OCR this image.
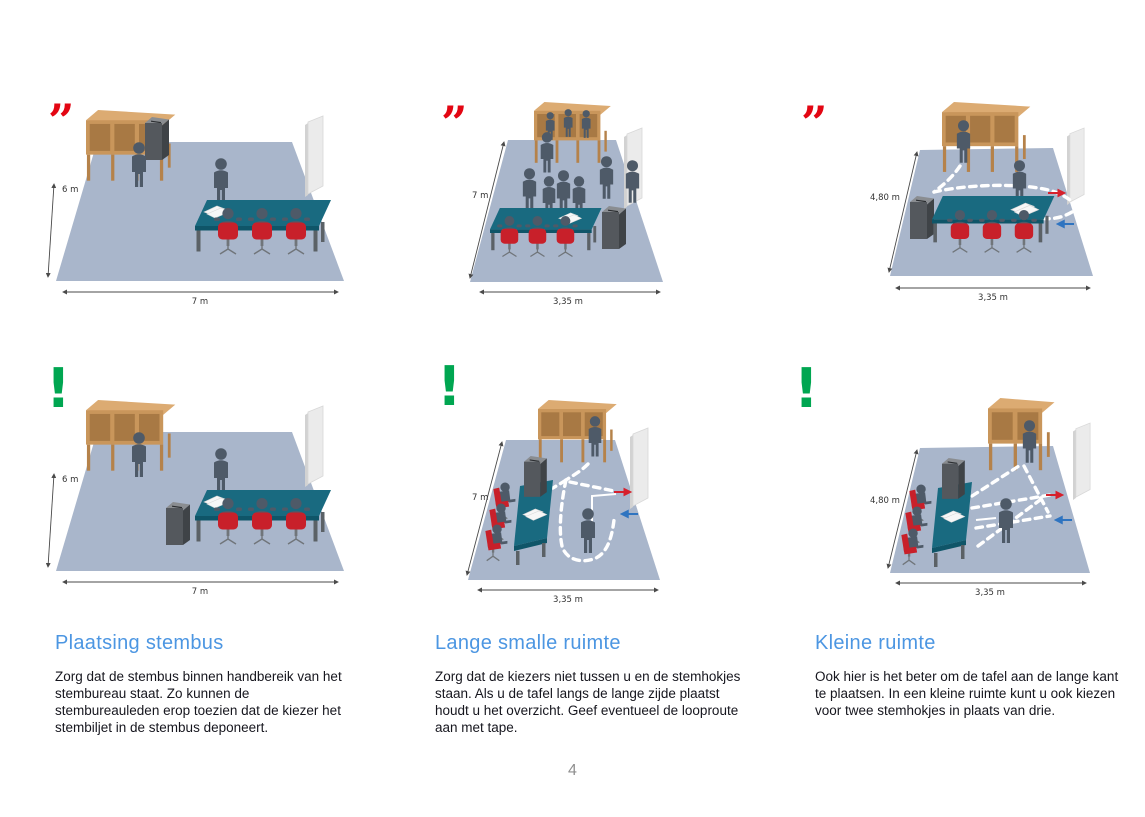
”	”	”
!	!	!
6 m
7 m
7 m
3,35 m
4,80 m
3,35 m
6 m
7 m
7 m
3,35 m
4,80 m
3,35 m
Plaatsing stembus

Zorg dat de stembus binnen handbereik van het stembureau staat. Zo kunnen de stembureauleden erop toezien dat de kiezer het stembiljet in de stembus deponeert.

Lange smalle ruimte

Zorg dat de kiezers niet tussen u en de stemhokjes staan. Als u de tafel langs de lange zijde plaatst houdt u het overzicht. Geef eventueel de looproute aan met tape.

Kleine ruimte

Ook hier is het beter om de tafel aan de lange kant te plaatsen. In een kleine ruimte kunt u ook kiezen voor twee stemhokjes in plaats van drie.

4
